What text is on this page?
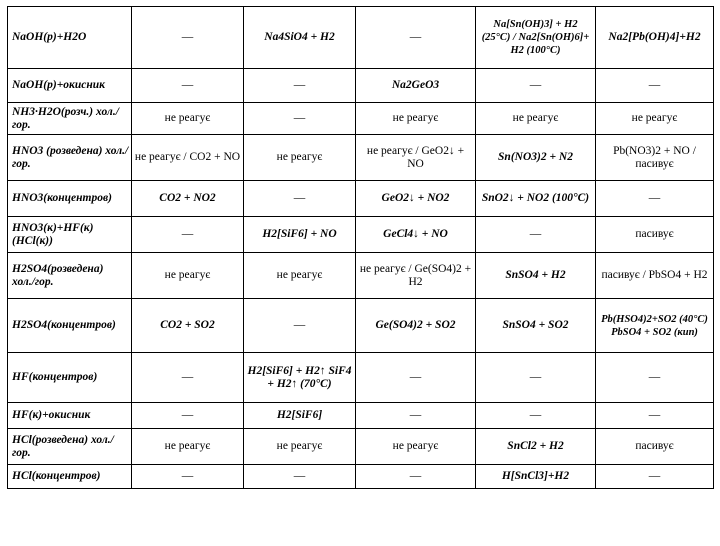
NaOH(р)+H2O	—	Na4SiO4 + H2	—	Na[Sn(OH)3] + H2 (25°C) / Na2[Sn(OH)6]+ H2 (100°C)	Na2[Pb(OH)4]+H2
NaOH(р)+окисник	—	—	Na2GeO3	—	—
NH3·H2O(розч.) хол./гор.	не реагує	—	не реагує	не реагує	не реагує
HNO3 (розведена) хол./гор.	не реагує / CO2 + NO	не реагує	не реагує / GeO2↓ + NO	Sn(NO3)2 + N2	Pb(NO3)2 + NO / пасивує
HNO3(концентров)	CO2 + NO2	—	GeO2↓ + NO2	SnO2↓ + NO2 (100°C)	—
HNO3(к)+HF(к) (HCl(к))	—	H2[SiF6] + NO	GeCl4↓ + NO	—	пасивує
H2SO4(розведена) хол./гор.	не реагує	не реагує	не реагує / Ge(SO4)2 + H2	SnSO4 + H2	пасивує / PbSO4 + H2
H2SO4(концентров)	CO2 + SO2	—	Ge(SO4)2 + SO2	SnSO4 + SO2	Pb(HSO4)2+SO2 (40°C) PbSO4 + SO2 (кип)
HF(концентров)	—	H2[SiF6] + H2↑ SiF4 + H2↑ (70°C)	—	—	—
HF(к)+окисник	—	H2[SiF6]	—	—	—
HCl(розведена) хол./гор.	не реагує	не реагує	не реагує	SnCl2 + H2	пасивує
HCl(концентров)	—	—	—	H[SnCl3]+H2	—
